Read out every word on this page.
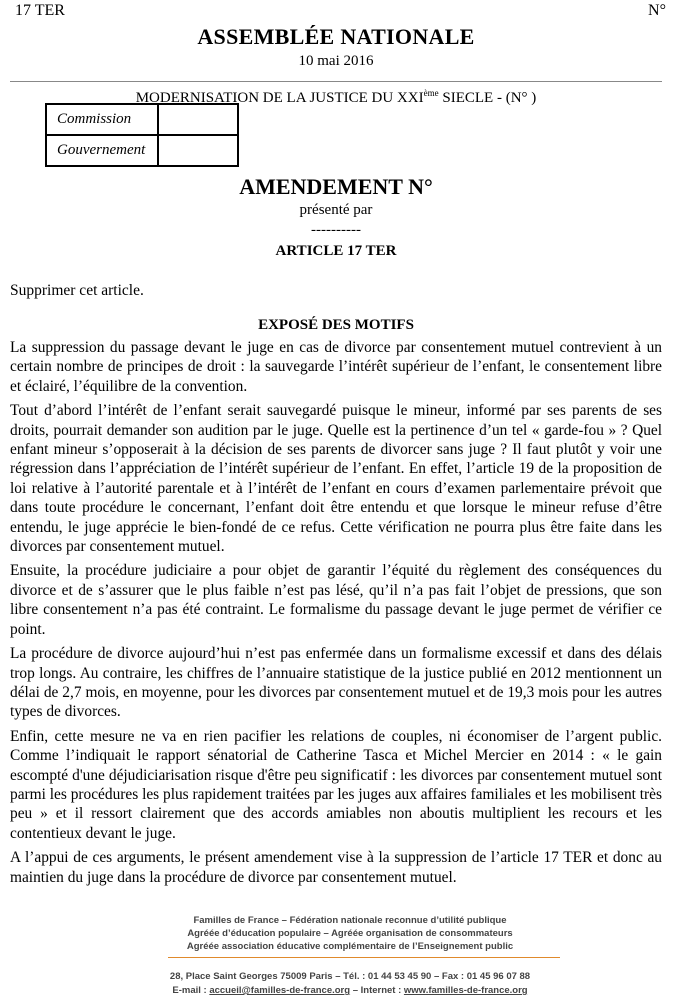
17 TER	N°
ASSEMBLÉE NATIONALE
10 mai 2016
MODERNISATION DE LA JUSTICE DU XXIème SIECLE - (N° )
Commission	
Gouvernement	
AMENDEMENT N°
présenté par
----------
ARTICLE 17 TER
Supprimer cet article.
EXPOSÉ DES MOTIFS

La suppression du passage devant le juge en cas de divorce par consentement mutuel contrevient à un certain nombre de principes de droit : la sauvegarde l’intérêt supérieur de l’enfant, le consentement libre et éclairé, l’équilibre de la convention.

Tout d’abord l’intérêt de l’enfant serait sauvegardé puisque le mineur, informé par ses parents de ses droits, pourrait demander son audition par le juge. Quelle est la pertinence d’un tel « garde-fou » ? Quel enfant mineur s’opposerait à la décision de ses parents de divorcer sans juge ? Il faut plutôt y voir une régression dans l’appréciation de l’intérêt supérieur de l’enfant. En effet, l’article 19 de la proposition de loi relative à l’autorité parentale et à l’intérêt de l’enfant en cours d’examen parlementaire prévoit que dans toute procédure le concernant, l’enfant doit être entendu et que lorsque le mineur refuse d’être entendu, le juge apprécie le bien-fondé de ce refus. Cette vérification ne pourra plus être faite dans les divorces par consentement mutuel.

Ensuite, la procédure judiciaire a pour objet de garantir l’équité du règlement des conséquences du divorce et de s’assurer que le plus faible n’est pas lésé, qu’il n’a pas fait l’objet de pressions, que son libre consentement n’a pas été contraint. Le formalisme du passage devant le juge permet de vérifier ce point.

La procédure de divorce aujourd’hui n’est pas enfermée dans un formalisme excessif et dans des délais trop longs. Au contraire, les chiffres de l’annuaire statistique de la justice publié en 2012 mentionnent un délai de 2,7 mois, en moyenne, pour les divorces par consentement mutuel et de 19,3 mois pour les autres types de divorces.

Enfin, cette mesure ne va en rien pacifier les relations de couples, ni économiser de l’argent public. Comme l’indiquait le rapport sénatorial de Catherine Tasca et Michel Mercier en 2014 : « le gain escompté d'une déjudiciarisation risque d'être peu significatif : les divorces par consentement mutuel sont parmi les procédures les plus rapidement traitées par les juges aux affaires familiales et les mobilisent très peu » et il ressort clairement que des accords amiables non aboutis multiplient les recours et les contentieux devant le juge.

A l’appui de ces arguments, le présent amendement vise à la suppression de l’article 17 TER et donc au maintien du juge dans la procédure de divorce par consentement mutuel.

Familles de France – Fédération nationale reconnue d’utilité publique
Agréée d’éducation populaire – Agréée organisation de consommateurs
Agréée association éducative complémentaire de l’Enseignement public
28, Place Saint Georges 75009 Paris – Tél. : 01 44 53 45 90 – Fax : 01 45 96 07 88
E-mail : accueil@familles-de-france.org – Internet : www.familles-de-france.org
